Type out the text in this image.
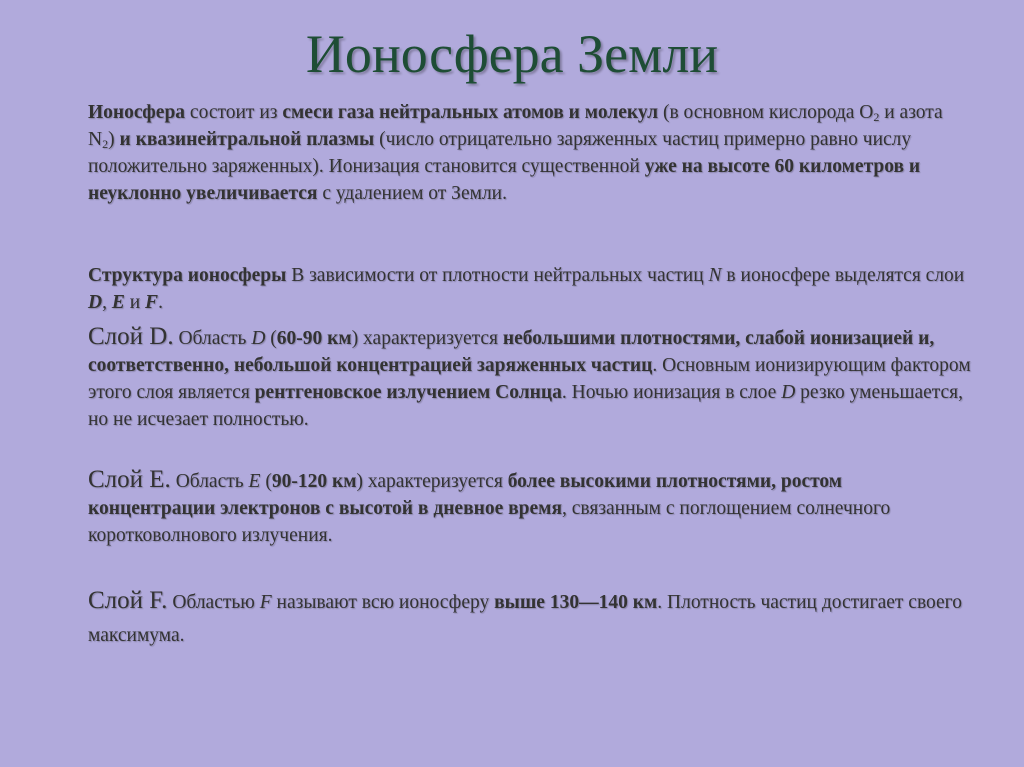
Ионосфера Земли
Ионосфера состоит из смеси газа нейтральных атомов и молекул (в основном кислорода $О_2$ и азота $N_2$) и квазинейтральной плазмы (число отрицательно заряженных частиц примерно равно числу положительно заряженных). Ионизация становится существенной уже на высоте 60 километров и неуклонно увеличивается с удалением от Земли.
Структура ионосферы В зависимости от плотности нейтральных частиц N в ионосфере выделятся слои D, E и F.
Слой D. Область D (60-90 км) характеризуется небольшими плотностями, слабой ионизацией и, соответственно, небольшой концентрацией заряженных частиц. Основным ионизирующим фактором этого слоя является рентгеновское излучением Солнца. Ночью ионизация в слое D резко уменьшается, но не исчезает полностью.
Слой E. Область E (90-120 км) характеризуется более высокими плотностями, ростом концентрации электронов с высотой в дневное время, связанным с поглощением солнечного коротковолнового излучения.
Слой F. Областью F называют всю ионосферу выше 130—140 км. Плотность частиц достигает своего максимума.
